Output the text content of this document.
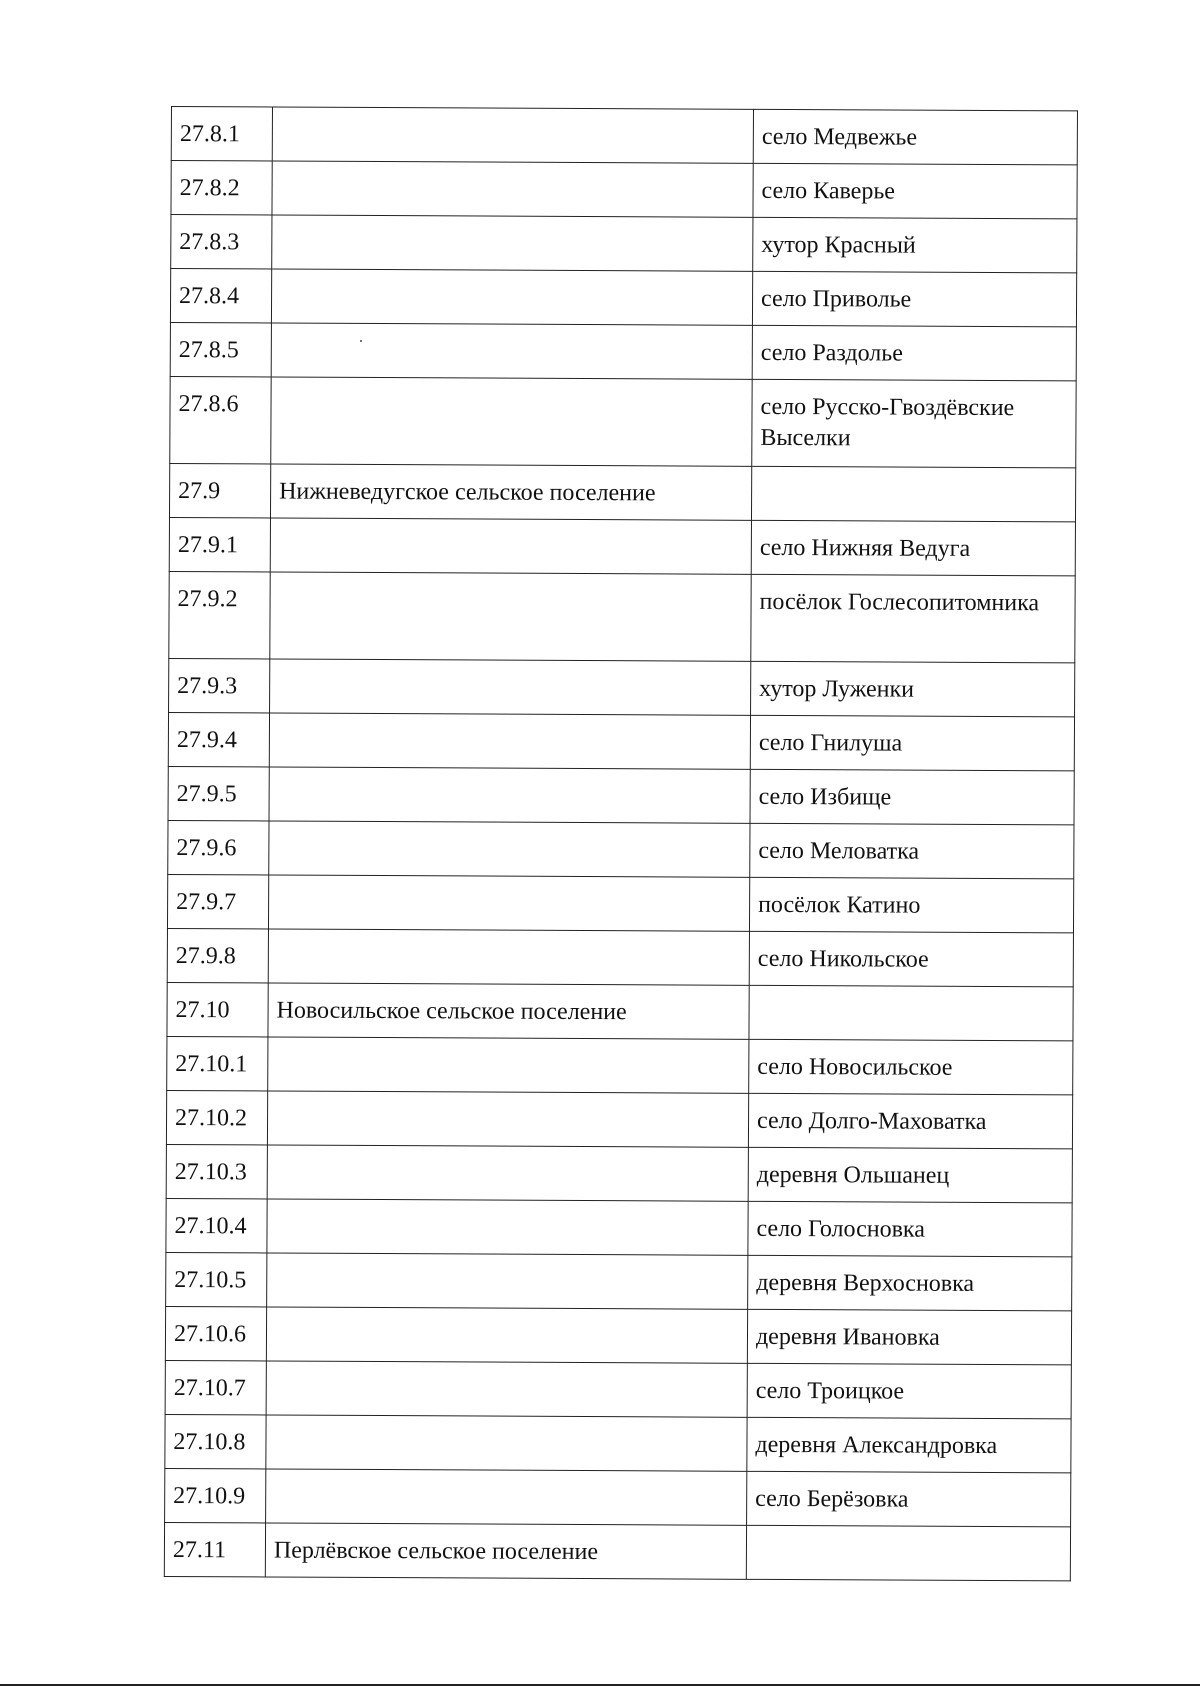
27.8.1		село Медвежье
27.8.2		село Каверье
27.8.3		хутор Красный
27.8.4		село Приволье
27.8.5		село Раздолье
27.8.6		село Русско-Гвоздёвские Выселки
27.9	Нижневедугское сельское поселение	
27.9.1		село Нижняя Ведуга
27.9.2		посёлок Гослесопитомника
27.9.3		хутор Луженки
27.9.4		село Гнилуша
27.9.5		село Избище
27.9.6		село Меловатка
27.9.7		посёлок Катино
27.9.8		село Никольское
27.10	Новосильское сельское поселение	
27.10.1		село Новосильское
27.10.2		село Долго-Маховатка
27.10.3		деревня Ольшанец
27.10.4		село Голосновка
27.10.5		деревня Верхосновка
27.10.6		деревня Ивановка
27.10.7		село Троицкое
27.10.8		деревня Александровка
27.10.9		село Берёзовка
27.11	Перлёвское сельское поселение	
